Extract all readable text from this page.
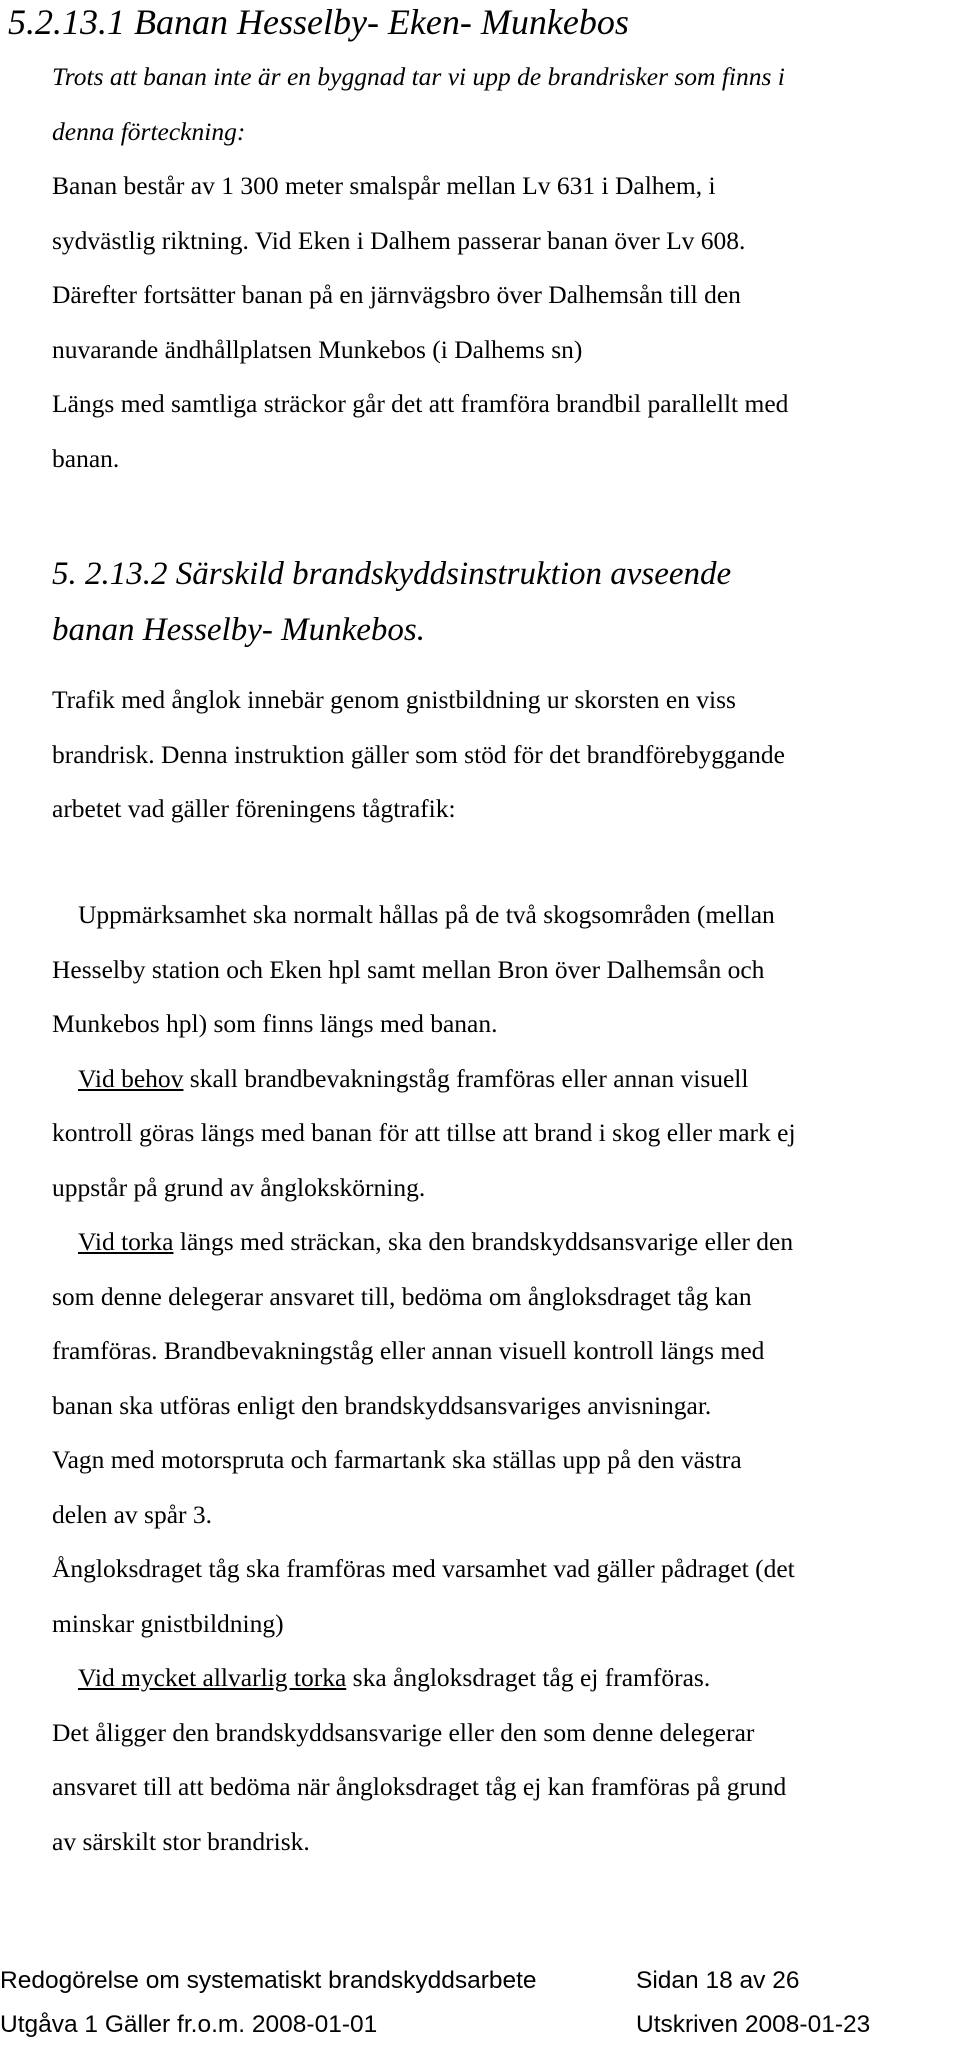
5.2.13.1 Banan Hesselby- Eken- Munkebos
Trots att banan inte är en byggnad tar vi upp de brandrisker som finns i
denna förteckning:
Banan består av 1 300 meter smalspår mellan Lv 631 i Dalhem, i
sydvästlig riktning. Vid Eken i Dalhem passerar banan över Lv 608.
Därefter fortsätter banan på en järnvägsbro över Dalhemsån till den
nuvarande ändhållplatsen Munkebos (i Dalhems sn)
Längs med samtliga sträckor går det att framföra brandbil parallellt med
banan.
5. 2.13.2 Särskild brandskyddsinstruktion avseende
banan Hesselby- Munkebos.
Trafik med ånglok innebär genom gnistbildning ur skorsten en viss
brandrisk. Denna instruktion gäller som stöd för det brandförebyggande
arbetet vad gäller föreningens tågtrafik:
Uppmärksamhet ska normalt hållas på de två skogsområden (mellan
Hesselby station och Eken hpl samt mellan Bron över Dalhemsån och
Munkebos hpl) som finns längs med banan.
Vid behov skall brandbevakningståg framföras eller annan visuell
kontroll göras längs med banan för att tillse att brand i skog eller mark ej
uppstår på grund av ånglokskörning.
Vid torka längs med sträckan, ska den brandskyddsansvarige eller den
som denne delegerar ansvaret till, bedöma om ångloksdraget tåg kan
framföras. Brandbevakningståg eller annan visuell kontroll längs med
banan ska utföras enligt den brandskyddsansvariges anvisningar.
Vagn med motorspruta och farmartank ska ställas upp på den västra
delen av spår 3.
Ångloksdraget tåg ska framföras med varsamhet vad gäller pådraget (det
minskar gnistbildning)
Vid mycket allvarlig torka ska ångloksdraget tåg ej framföras.
Det åligger den brandskyddsansvarige eller den som denne delegerar
ansvaret till att bedöma när ångloksdraget tåg ej kan framföras på grund
av särskilt stor brandrisk.
Redogörelse om systematiskt brandskyddsarbete	Sidan 18 av 26
Utgåva 1 Gäller fr.o.m. 2008-01-01	Utskriven 2008-01-23
